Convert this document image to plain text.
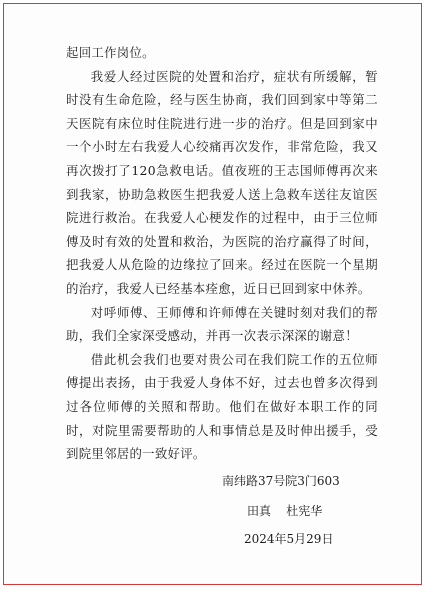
起回工作岗位。

我爱人经过医院的处置和治疗，症状有所缓解，暂时没有生命危险，经与医生协商，我们回到家中等第二天医院有床位时住院进行进一步的治疗。但是回到家中一个小时左右我爱人心绞痛再次发作，非常危险，我又再次拨打了120急救电话。值夜班的王志国师傅再次来到我家，协助急救医生把我爱人送上急救车送往友谊医院进行救治。在我爱人心梗发作的过程中，由于三位师傅及时有效的处置和救治，为医院的治疗赢得了时间，把我爱人从危险的边缘拉了回来。经过在医院一个星期的治疗，我爱人已经基本痊愈，近日已回到家中休养。

对呼师傅、王师傅和许师傅在关键时刻对我们的帮助，我们全家深受感动，并再一次表示深深的谢意！

借此机会我们也要对贵公司在我们院工作的五位师傅提出表扬，由于我爱人身体不好，过去也曾多次得到过各位师傅的关照和帮助。他们在做好本职工作的同时，对院里需要帮助的人和事情总是及时伸出援手，受到院里邻居的一致好评。

南纬路37号院3门603
田真    杜宪华
2024年5月29日
